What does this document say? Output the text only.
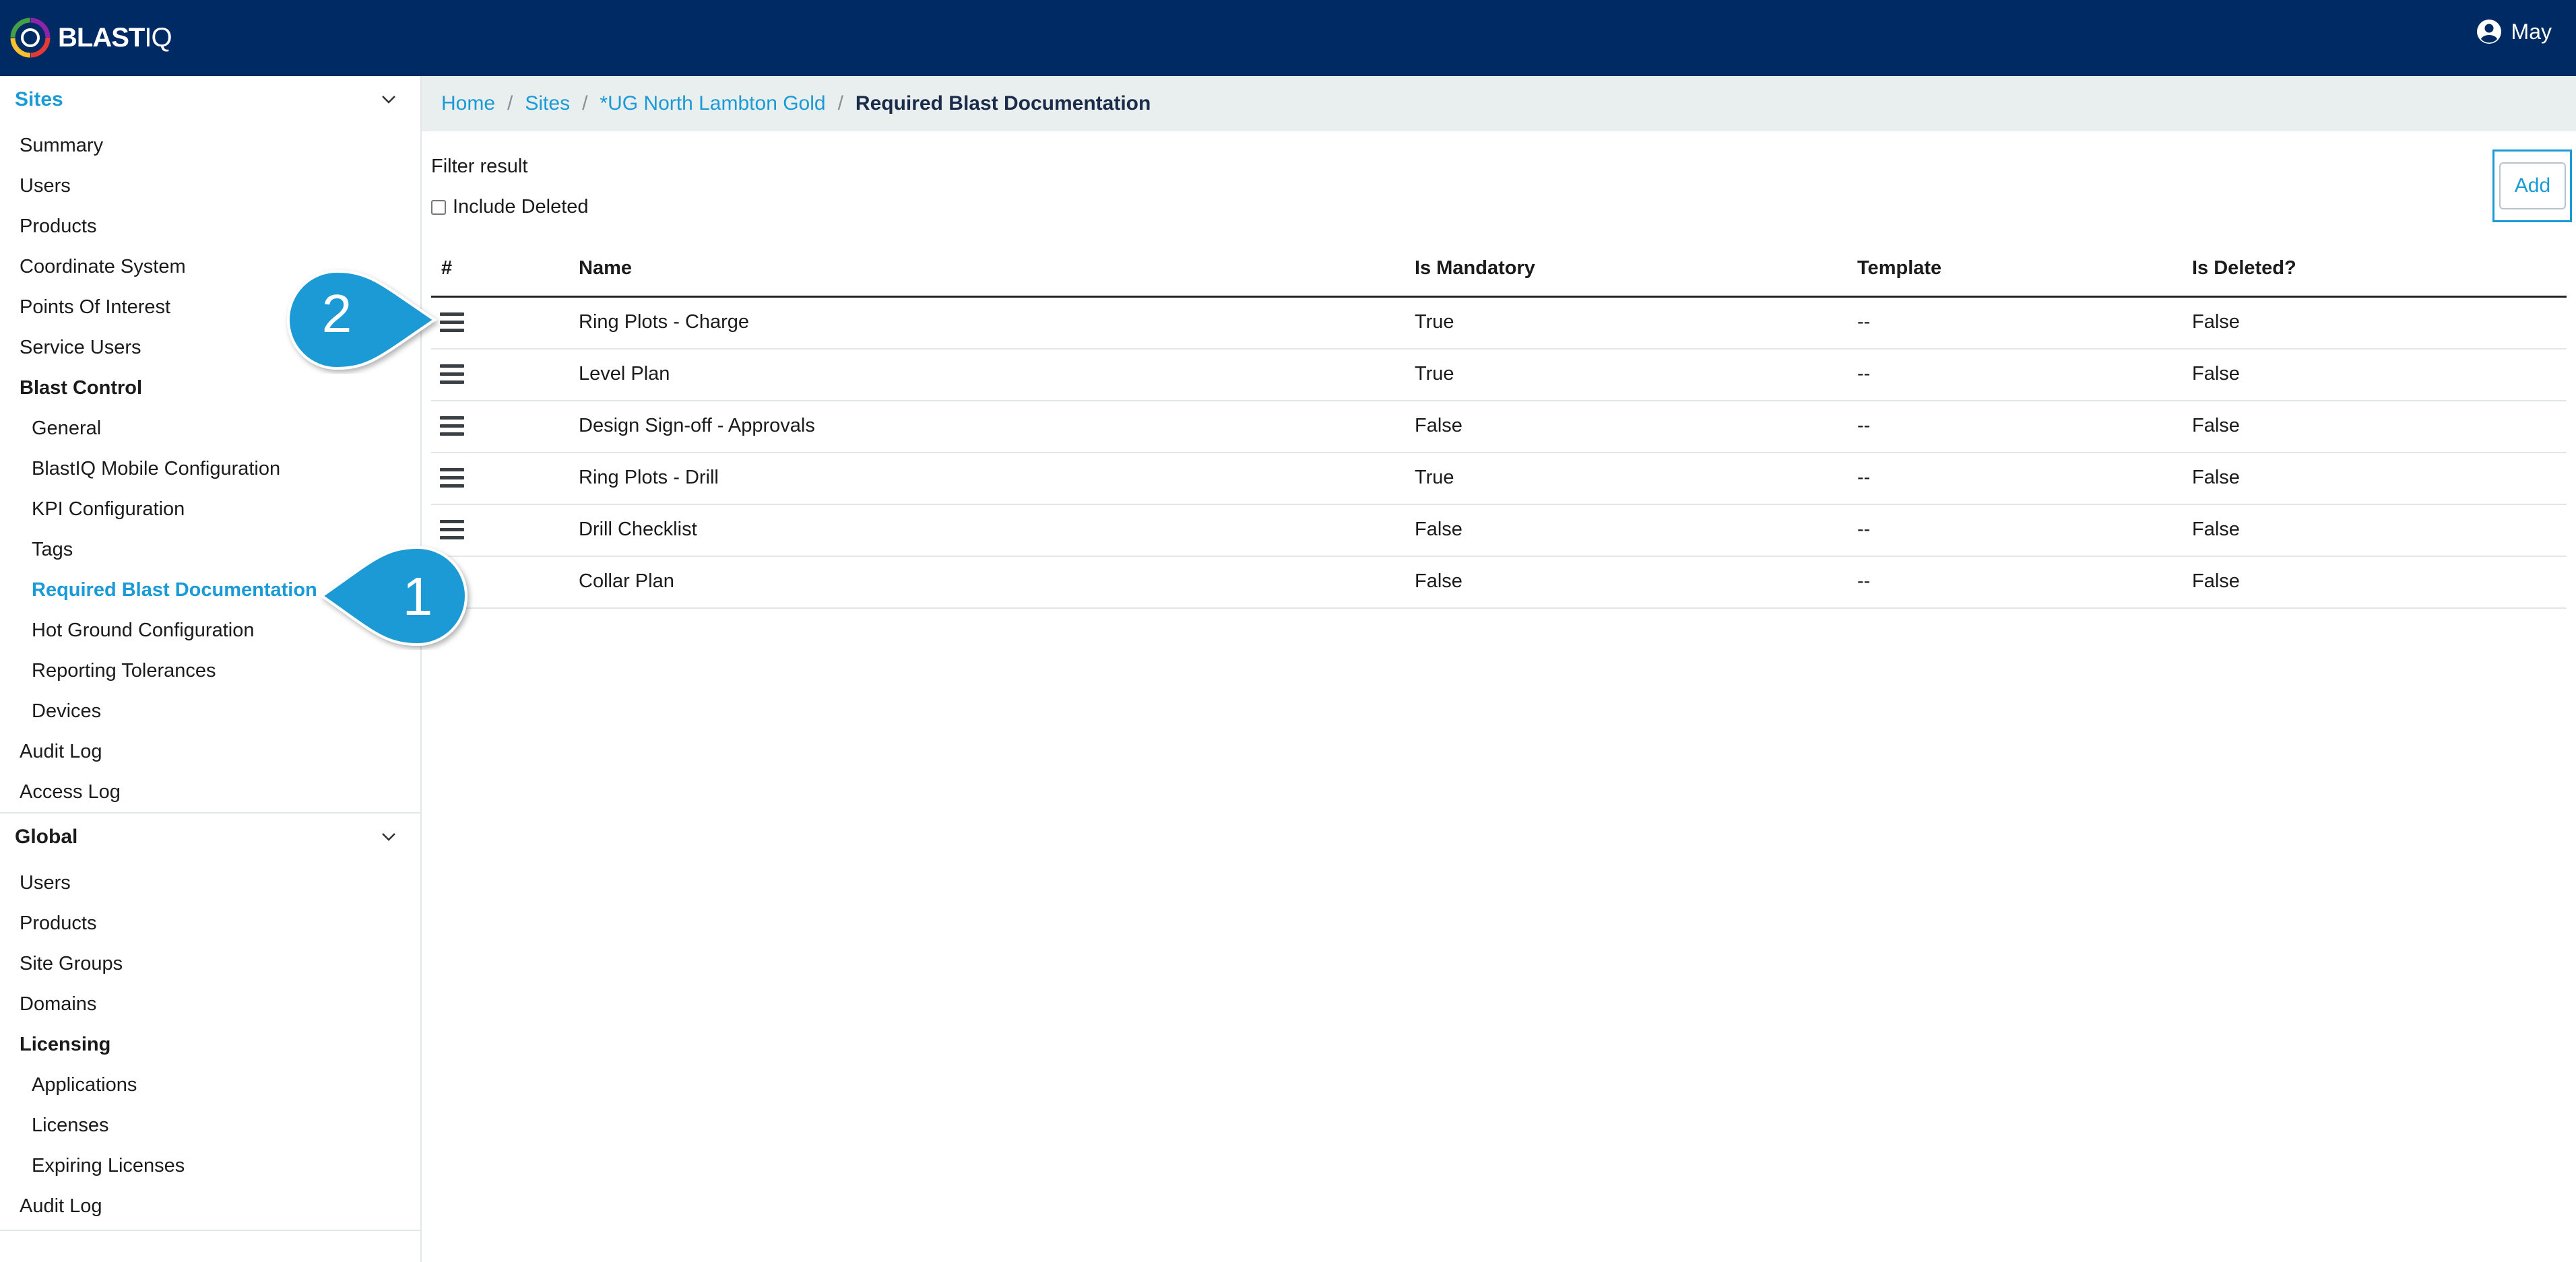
BLASTIQ	May
Sites
Summary
Users
Products
Coordinate System
Points Of Interest
Service Users
Blast Control
General
BlastIQ Mobile Configuration
KPI Configuration
Tags
Required Blast Documentation
Hot Ground Configuration
Reporting Tolerances
Devices
Audit Log
Access Log
Global
Users
Products
Site Groups
Domains
Licensing
Applications
Licenses
Expiring Licenses
Audit Log
Home / Sites / *UG North Lambton Gold / Required Blast Documentation
Filter result
Include Deleted
Add
#	Name	Is Mandatory	Template	Is Deleted?
Ring Plots - Charge	True	--	False
Level Plan	True	--	False
Design Sign-off - Approvals	False	--	False
Ring Plots - Drill	True	--	False
Drill Checklist	False	--	False
Collar Plan	False	--	False
2
1
